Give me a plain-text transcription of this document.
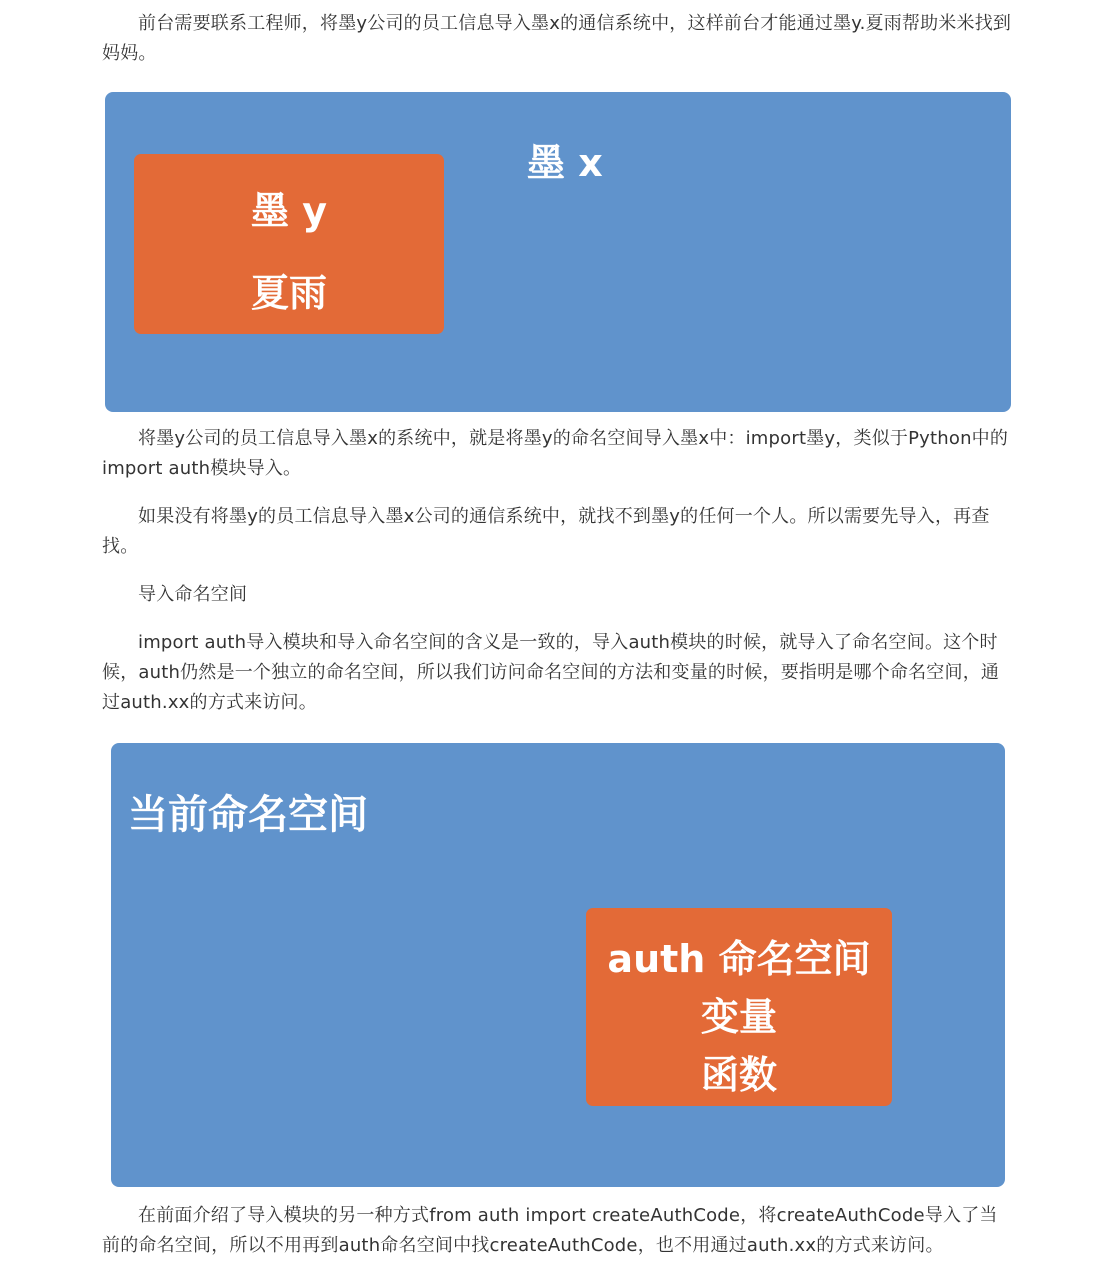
前台需要联系工程师，将墨y公司的员工信息导入墨x的通信系统中，这样前台才能通过墨y.夏雨帮助米米找到妈妈。

墨 x
墨 y
夏雨

将墨y公司的员工信息导入墨x的系统中，就是将墨y的命名空间导入墨x中：import墨y，类似于Python中的import auth模块导入。

如果没有将墨y的员工信息导入墨x公司的通信系统中，就找不到墨y的任何一个人。所以需要先导入，再查找。

导入命名空间

import auth导入模块和导入命名空间的含义是一致的，导入auth模块的时候，就导入了命名空间。这个时候，auth仍然是一个独立的命名空间，所以我们访问命名空间的方法和变量的时候，要指明是哪个命名空间，通过auth.xx的方式来访问。

当前命名空间
auth 命名空间
变量
函数

在前面介绍了导入模块的另一种方式from auth import createAuthCode，将createAuthCode导入了当前的命名空间，所以不用再到auth命名空间中找createAuthCode，也不用通过auth.xx的方式来访问。
